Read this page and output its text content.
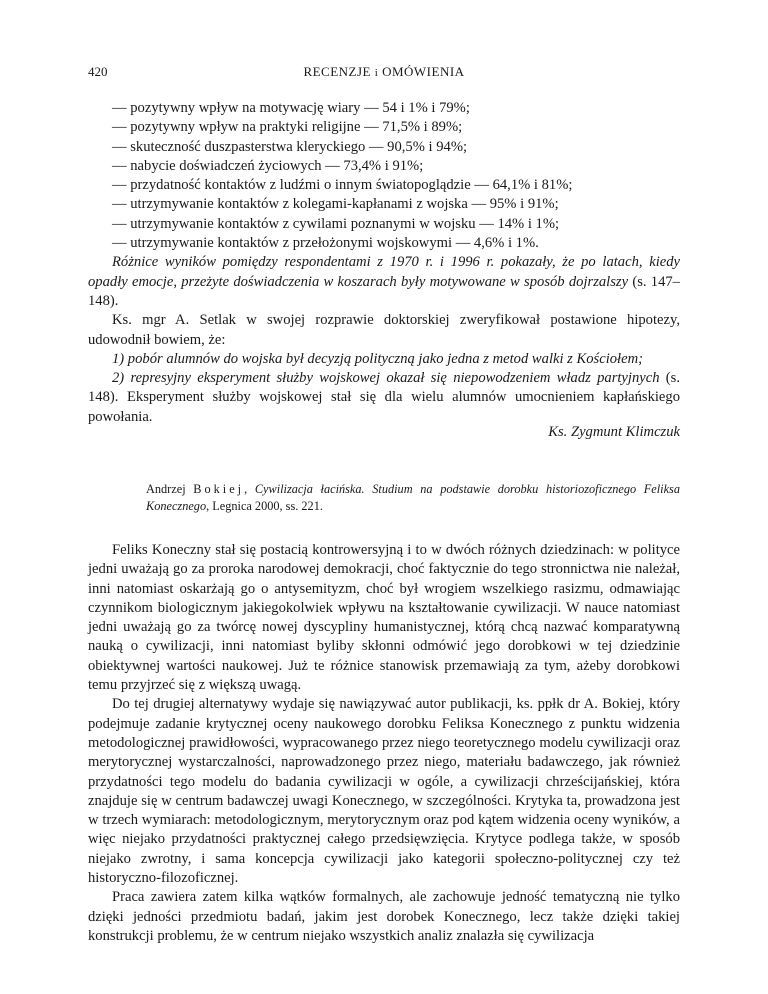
420	RECENZJE i OMÓWIENIA
— pozytywny wpływ na motywację wiary — 54 i 1% i 79%;
— pozytywny wpływ na praktyki religijne — 71,5% i 89%;
— skuteczność duszpasterstwa kleryckiego — 90,5% i 94%;
— nabycie doświadczeń życiowych — 73,4% i 91%;
— przydatność kontaktów z ludźmi o innym światopoglądzie — 64,1% i 81%;
— utrzymywanie kontaktów z kolegami-kapłanami z wojska — 95% i 91%;
— utrzymywanie kontaktów z cywilami poznanymi w wojsku — 14% i 1%;
— utrzymywanie kontaktów z przełożonymi wojskowymi — 4,6% i 1%.

Różnice wyników pomiędzy respondentami z 1970 r. i 1996 r. pokazały, że po latach, kiedy opadły emocje, przeżyte doświadczenia w koszarach były motywowane w sposób dojrzalszy (s. 147–148).

Ks. mgr A. Setlak w swojej rozprawie doktorskiej zweryfikował postawione hipotezy, udowodnił bowiem, że:

1) pobór alumnów do wojska był decyzją polityczną jako jedna z metod walki z Kościołem;

2) represyjny eksperyment służby wojskowej okazał się niepowodzeniem władz partyjnych (s. 148). Eksperyment służby wojskowej stał się dla wielu alumnów umocnieniem kapłańskiego powołania.

Ks. Zygmunt Klimczuk
Andrzej Bokiej, Cywilizacja łacińska. Studium na podstawie dorobku historiozoficznego Feliksa Konecznego, Legnica 2000, ss. 221.

Feliks Koneczny stał się postacią kontrowersyjną i to w dwóch różnych dziedzinach: w polityce jedni uważają go za proroka narodowej demokracji, choć faktycznie do tego stronnictwa nie należał, inni natomiast oskarżają go o antysemityzm, choć był wrogiem wszelkiego rasizmu, odmawiając czynnikom biologicznym jakiegokolwiek wpływu na kształtowanie cywilizacji. W nauce natomiast jedni uważają go za twórcę nowej dyscypliny humanistycznej, którą chcą nazwać komparatywną nauką o cywilizacji, inni natomiast byliby skłonni odmówić jego dorobkowi w tej dziedzinie obiektywnej wartości naukowej. Już te różnice stanowisk przemawiają za tym, ażeby dorobkowi temu przyjrzeć się z większą uwagą.

Do tej drugiej alternatywy wydaje się nawiązywać autor publikacji, ks. ppłk dr A. Bokiej, który podejmuje zadanie krytycznej oceny naukowego dorobku Feliksa Konecznego z punktu widzenia metodologicznej prawidłowości, wypracowanego przez niego teoretycznego modelu cywilizacji oraz merytorycznej wystarczalności, naprowadzonego przez niego, materiału badawczego, jak również przydatności tego modelu do badania cywilizacji w ogóle, a cywilizacji chrześcijańskiej, która znajduje się w centrum badawczej uwagi Konecznego, w szczególności. Krytyka ta, prowadzona jest w trzech wymiarach: metodologicznym, merytorycznym oraz pod kątem widzenia oceny wyników, a więc niejako przydatności praktycznej całego przedsięwzięcia. Krytyce podlega także, w sposób niejako zwrotny, i sama koncepcja cywilizacji jako kategorii społeczno-politycznej czy też historyczno-filozoficznej.

Praca zawiera zatem kilka wątków formalnych, ale zachowuje jedność tematyczną nie tylko dzięki jedności przedmiotu badań, jakim jest dorobek Konecznego, lecz także dzięki takiej konstrukcji problemu, że w centrum niejako wszystkich analiz znalazła się cywilizacja
